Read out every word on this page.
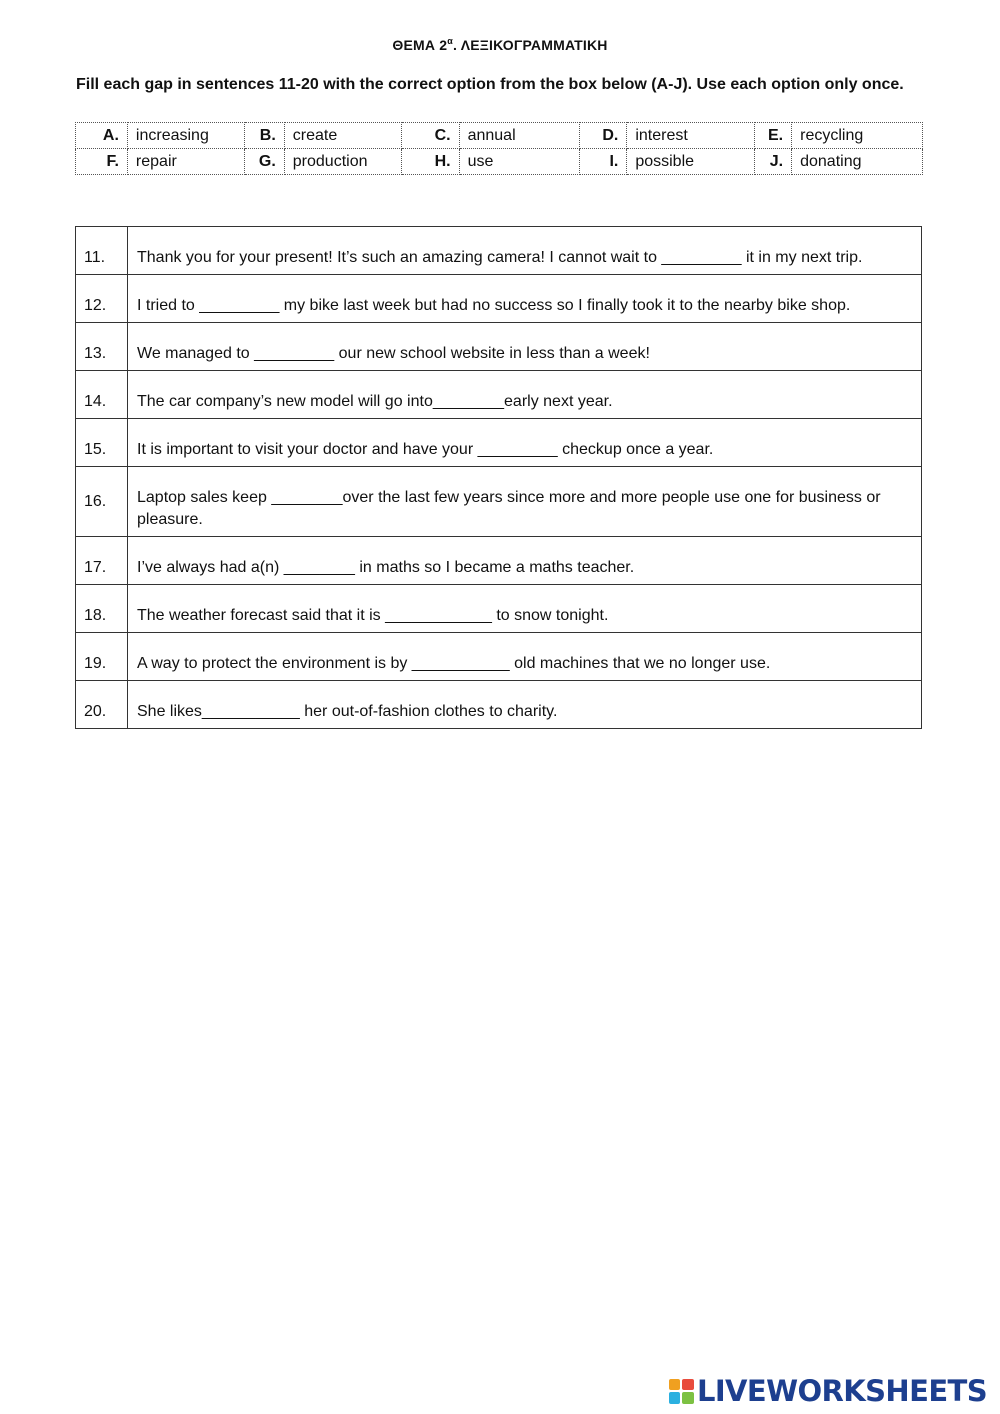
ΘΕΜΑ $2^\alpha$. ΛΕΞΙΚΟΓΡΑΜΜΑΤΙΚΗ
Fill each gap in sentences 11-20 with the correct option from the box below (A-J). Use each option only once.
A.	increasing	B.	create	C.	annual	D.	interest	E.	recycling
F.	repair	G.	production	H.	use	I.	possible	J.	donating
11.	Thank you for your present! It’s such an amazing camera! I cannot wait to _________ it in my next trip.
12.	I tried to _________ my bike last week but had no success so I finally took it to the nearby bike shop.
13.	We managed to _________ our new school website in less than a week!
14.	The car company’s new model will go into________early next year.
15.	It is important to visit your doctor and have your _________ checkup once a year.
16.	Laptop sales keep ________over the last few years since more and more people use one for business or pleasure.
17.	I’ve always had a(n) ________ in maths so I became a maths teacher.
18.	The weather forecast said that it is ____________ to snow tonight.
19.	A way to protect the environment is by ___________ old machines that we no longer use.
20.	She likes___________ her out-of-fashion clothes to charity.
LIVEWORKSHEETS
